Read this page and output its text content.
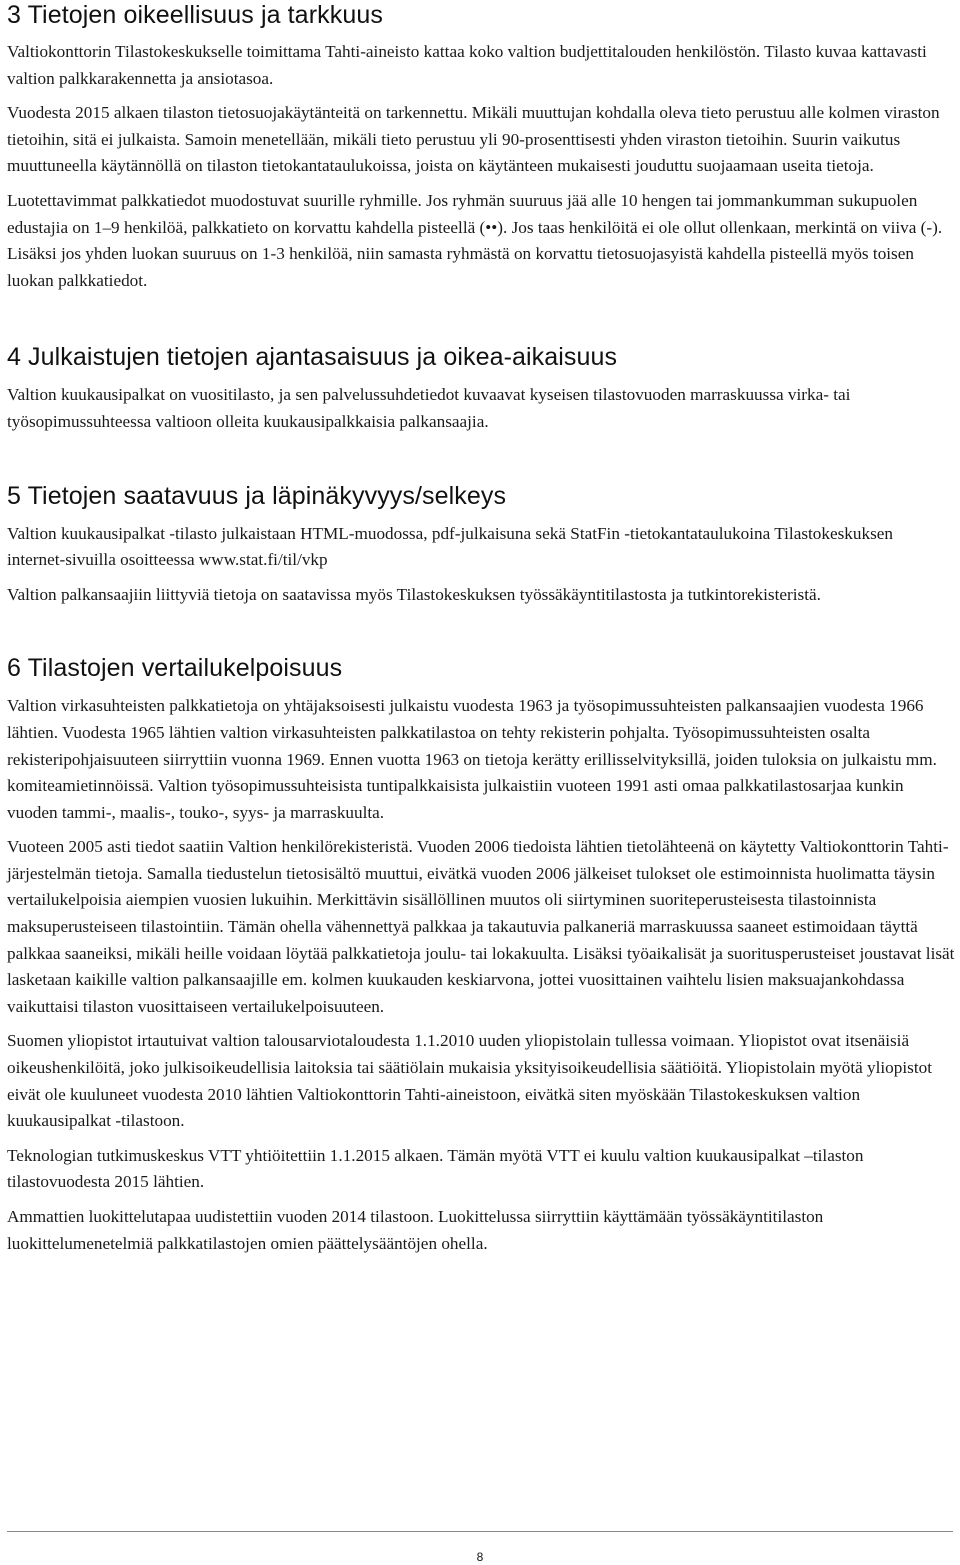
3 Tietojen oikeellisuus ja tarkkuus

Valtiokonttorin Tilastokeskukselle toimittama Tahti-aineisto kattaa koko valtion budjettitalouden henkilöstön. Tilasto kuvaa kattavasti valtion palkkarakennetta ja ansiotasoa.

Vuodesta 2015 alkaen tilaston tietosuojakäytänteitä on tarkennettu. Mikäli muuttujan kohdalla oleva tieto perustuu alle kolmen viraston tietoihin, sitä ei julkaista. Samoin menetellään, mikäli tieto perustuu yli 90-prosenttisesti yhden viraston tietoihin. Suurin vaikutus muuttuneella käytännöllä on tilaston tietokantataulukoissa, joista on käytänteen mukaisesti jouduttu suojaamaan useita tietoja.

Luotettavimmat palkkatiedot muodostuvat suurille ryhmille. Jos ryhmän suuruus jää alle 10 hengen tai jommankumman sukupuolen edustajia on 1–9 henkilöä, palkkatieto on korvattu kahdella pisteellä (••). Jos taas henkilöitä ei ole ollut ollenkaan, merkintä on viiva (-). Lisäksi jos yhden luokan suuruus on 1-3 henkilöä, niin samasta ryhmästä on korvattu tietosuojasyistä kahdella pisteellä myös toisen luokan palkkatiedot.

4 Julkaistujen tietojen ajantasaisuus ja oikea-aikaisuus

Valtion kuukausipalkat on vuositilasto, ja sen palvelussuhdetiedot kuvaavat kyseisen tilastovuoden marraskuussa virka- tai työsopimussuhteessa valtioon olleita kuukausipalkkaisia palkansaajia.

5 Tietojen saatavuus ja läpinäkyvyys/selkeys

Valtion kuukausipalkat -tilasto julkaistaan HTML-muodossa, pdf-julkaisuna sekä StatFin -tietokantataulukoina Tilastokeskuksen internet-sivuilla osoitteessa www.stat.fi/til/vkp

Valtion palkansaajiin liittyviä tietoja on saatavissa myös Tilastokeskuksen työssäkäyntitilastosta ja tutkintorekisteristä.

6 Tilastojen vertailukelpoisuus

Valtion virkasuhteisten palkkatietoja on yhtäjaksoisesti julkaistu vuodesta 1963 ja työsopimussuhteisten palkansaajien vuodesta 1966 lähtien. Vuodesta 1965 lähtien valtion virkasuhteisten palkkatilastoa on tehty rekisterin pohjalta. Työsopimussuhteisten osalta rekisteripohjaisuuteen siirryttiin vuonna 1969. Ennen vuotta 1963 on tietoja kerätty erillisselvityksillä, joiden tuloksia on julkaistu mm. komiteamietinnöissä. Valtion työsopimussuhteisista tuntipalkkaisista julkaistiin vuoteen 1991 asti omaa palkkatilastosarjaa kunkin vuoden tammi-, maalis-, touko-, syys- ja marraskuulta.

Vuoteen 2005 asti tiedot saatiin Valtion henkilörekisteristä. Vuoden 2006 tiedoista lähtien tietolähteenä on käytetty Valtiokonttorin Tahti-järjestelmän tietoja. Samalla tiedustelun tietosisältö muuttui, eivätkä vuoden 2006 jälkeiset tulokset ole estimoinnista huolimatta täysin vertailukelpoisia aiempien vuosien lukuihin. Merkittävin sisällöllinen muutos oli siirtyminen suoriteperusteisesta tilastoinnista maksuperusteiseen tilastointiin. Tämän ohella vähennettyä palkkaa ja takautuvia palkaneriä marraskuussa saaneet estimoidaan täyttä palkkaa saaneiksi, mikäli heille voidaan löytää palkkatietoja joulu- tai lokakuulta. Lisäksi työaikalisät ja suoritusperusteiset joustavat lisät lasketaan kaikille valtion palkansaajille em. kolmen kuukauden keskiarvona, jottei vuosittainen vaihtelu lisien maksuajankohdassa vaikuttaisi tilaston vuosittaiseen vertailukelpoisuuteen.

Suomen yliopistot irtautuivat valtion talousarviotaloudesta 1.1.2010 uuden yliopistolain tullessa voimaan. Yliopistot ovat itsenäisiä oikeushenkilöitä, joko julkisoikeudellisia laitoksia tai säätiölain mukaisia yksityisoikeudellisia säätiöitä. Yliopistolain myötä yliopistot eivät ole kuuluneet vuodesta 2010 lähtien Valtiokonttorin Tahti-aineistoon, eivätkä siten myöskään Tilastokeskuksen valtion kuukausipalkat -tilastoon.

Teknologian tutkimuskeskus VTT yhtiöitettiin 1.1.2015 alkaen. Tämän myötä VTT ei kuulu valtion kuukausipalkat –tilaston tilastovuodesta 2015 lähtien.

Ammattien luokittelutapaa uudistettiin vuoden 2014 tilastoon. Luokittelussa siirryttiin käyttämään työssäkäyntitilaston luokittelumenetelmiä palkkatilastojen omien päättelysääntöjen ohella.

8
